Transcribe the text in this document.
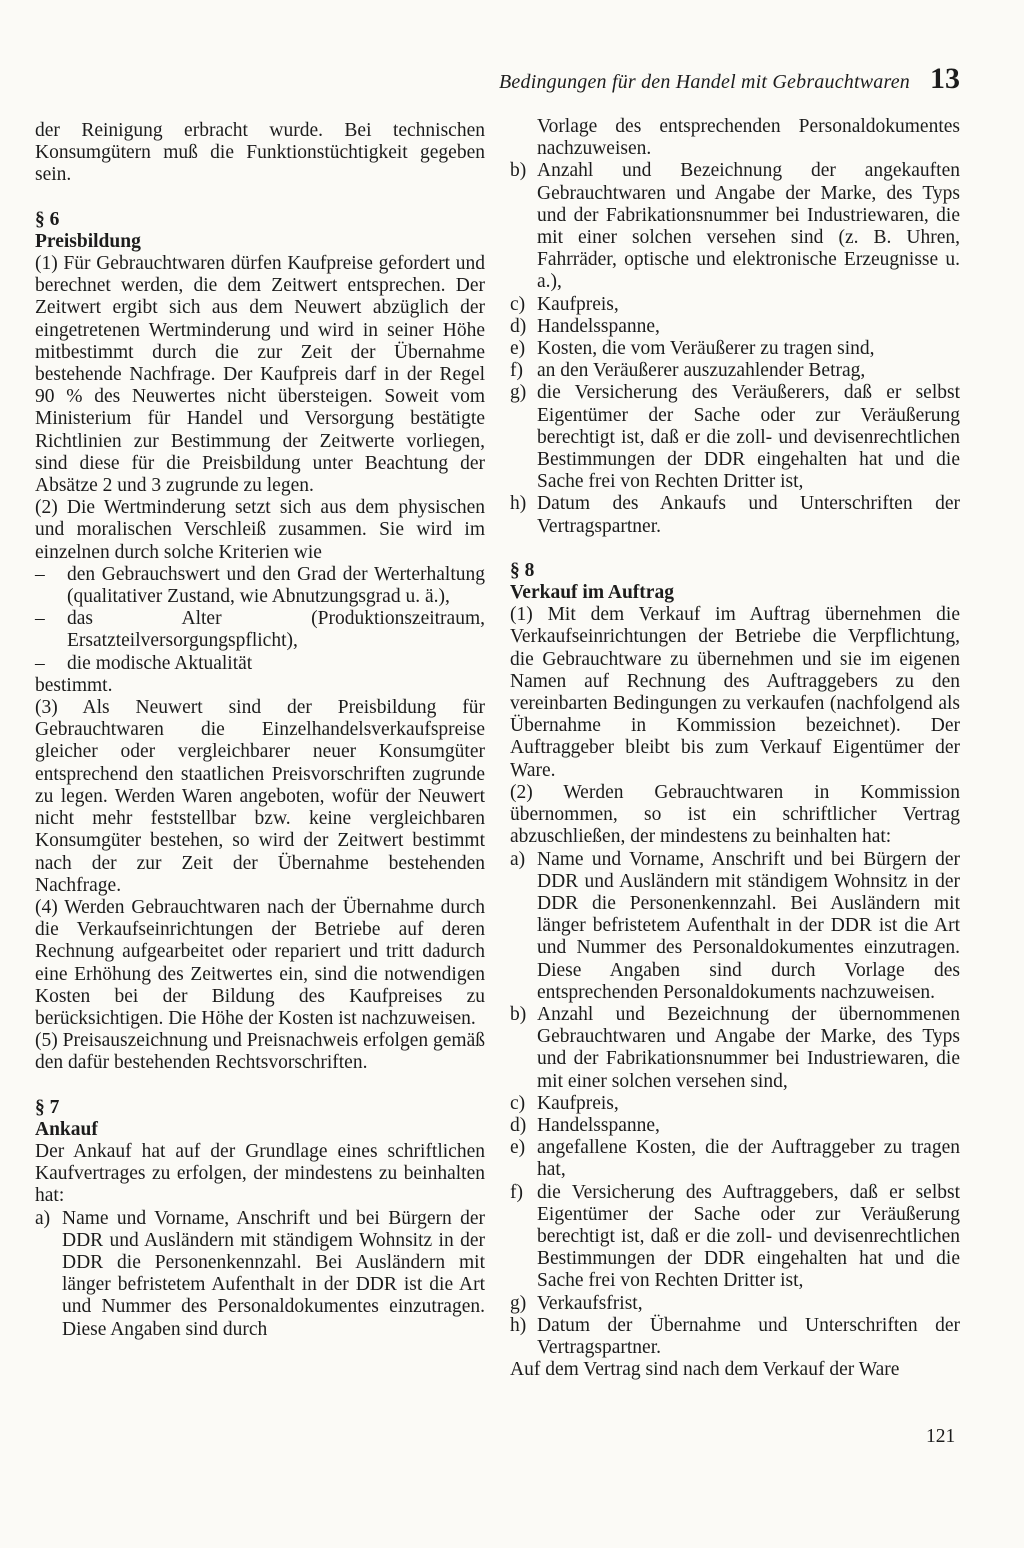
Bedingungen für den Handel mit Gebrauchtwaren 13

der Reinigung erbracht wurde. Bei technischen Konsumgütern muß die Funktionstüchtigkeit gegeben sein.

§ 6

Preisbildung

(1) Für Gebrauchtwaren dürfen Kaufpreise gefordert und berechnet werden, die dem Zeitwert entsprechen. Der Zeitwert ergibt sich aus dem Neuwert abzüglich der eingetretenen Wertminderung und wird in seiner Höhe mitbestimmt durch die zur Zeit der Übernahme bestehende Nachfrage. Der Kaufpreis darf in der Regel 90 % des Neuwertes nicht übersteigen. Soweit vom Ministerium für Handel und Versorgung bestätigte Richtlinien zur Bestimmung der Zeitwerte vorliegen, sind diese für die Preisbildung unter Beachtung der Absätze 2 und 3 zugrunde zu legen.

(2) Die Wertminderung setzt sich aus dem physischen und moralischen Verschleiß zusammen. Sie wird im einzelnen durch solche Kriterien wie

–	den Gebrauchswert und den Grad der Werterhaltung (qualitativer Zustand, wie Abnutzungsgrad u. ä.),
–	das Alter (Produktionszeitraum, Ersatzteilversorgungspflicht),
–	die modische Aktualität

bestimmt.

(3) Als Neuwert sind der Preisbildung für Gebrauchtwaren die Einzelhandelsverkaufspreise gleicher oder vergleichbarer neuer Konsumgüter entsprechend den staatlichen Preisvorschriften zugrunde zu legen. Werden Waren angeboten, wofür der Neuwert nicht mehr feststellbar bzw. keine vergleichbaren Konsumgüter bestehen, so wird der Zeitwert bestimmt nach der zur Zeit der Übernahme bestehenden Nachfrage.

(4) Werden Gebrauchtwaren nach der Übernahme durch die Verkaufseinrichtungen der Betriebe auf deren Rechnung aufgearbeitet oder repariert und tritt dadurch eine Erhöhung des Zeitwertes ein, sind die notwendigen Kosten bei der Bildung des Kaufpreises zu berücksichtigen. Die Höhe der Kosten ist nachzuweisen.

(5) Preisauszeichnung und Preisnachweis erfolgen gemäß den dafür bestehenden Rechtsvorschriften.

§ 7

Ankauf

Der Ankauf hat auf der Grundlage eines schriftlichen Kaufvertrages zu erfolgen, der mindestens zu beinhalten hat:

a) Name und Vorname, Anschrift und bei Bürgern der DDR und Ausländern mit ständigem Wohnsitz in der DDR die Personenkennzahl. Bei Ausländern mit länger befristetem Aufenthalt in der DDR ist die Art und Nummer des Personaldokumentes einzutragen. Diese Angaben sind durch

Vorlage des entsprechenden Personaldokumentes nachzuweisen.

b) Anzahl und Bezeichnung der angekauften Gebrauchtwaren und Angabe der Marke, des Typs und der Fabrikationsnummer bei Industriewaren, die mit einer solchen versehen sind (z. B. Uhren, Fahrräder, optische und elektronische Erzeugnisse u. a.),
c) Kaufpreis,
d) Handelsspanne,
e) Kosten, die vom Veräußerer zu tragen sind,
f) an den Veräußerer auszuzahlender Betrag,
g) die Versicherung des Veräußerers, daß er selbst Eigentümer der Sache oder zur Veräußerung berechtigt ist, daß er die zoll- und devisenrechtlichen Bestimmungen der DDR eingehalten hat und die Sache frei von Rechten Dritter ist,
h) Datum des Ankaufs und Unterschriften der Vertragspartner.

§ 8

Verkauf im Auftrag

(1) Mit dem Verkauf im Auftrag übernehmen die Verkaufseinrichtungen der Betriebe die Verpflichtung, die Gebrauchtware zu übernehmen und sie im eigenen Namen auf Rechnung des Auftraggebers zu den vereinbarten Bedingungen zu verkaufen (nachfolgend als Übernahme in Kommission bezeichnet). Der Auftraggeber bleibt bis zum Verkauf Eigentümer der Ware.

(2) Werden Gebrauchtwaren in Kommission übernommen, so ist ein schriftlicher Vertrag abzuschließen, der mindestens zu beinhalten hat:

a) Name und Vorname, Anschrift und bei Bürgern der DDR und Ausländern mit ständigem Wohnsitz in der DDR die Personenkennzahl. Bei Ausländern mit länger befristetem Aufenthalt in der DDR ist die Art und Nummer des Personaldokumentes einzutragen. Diese Angaben sind durch Vorlage des entsprechenden Personaldokuments nachzuweisen.
b) Anzahl und Bezeichnung der übernommenen Gebrauchtwaren und Angabe der Marke, des Typs und der Fabrikationsnummer bei Industriewaren, die mit einer solchen versehen sind,
c) Kaufpreis,
d) Handelsspanne,
e) angefallene Kosten, die der Auftraggeber zu tragen hat,
f) die Versicherung des Auftraggebers, daß er selbst Eigentümer der Sache oder zur Veräußerung berechtigt ist, daß er die zoll- und devisenrechtlichen Bestimmungen der DDR eingehalten hat und die Sache frei von Rechten Dritter ist,
g) Verkaufsfrist,
h) Datum der Übernahme und Unterschriften der Vertragspartner.

Auf dem Vertrag sind nach dem Verkauf der Ware

121
